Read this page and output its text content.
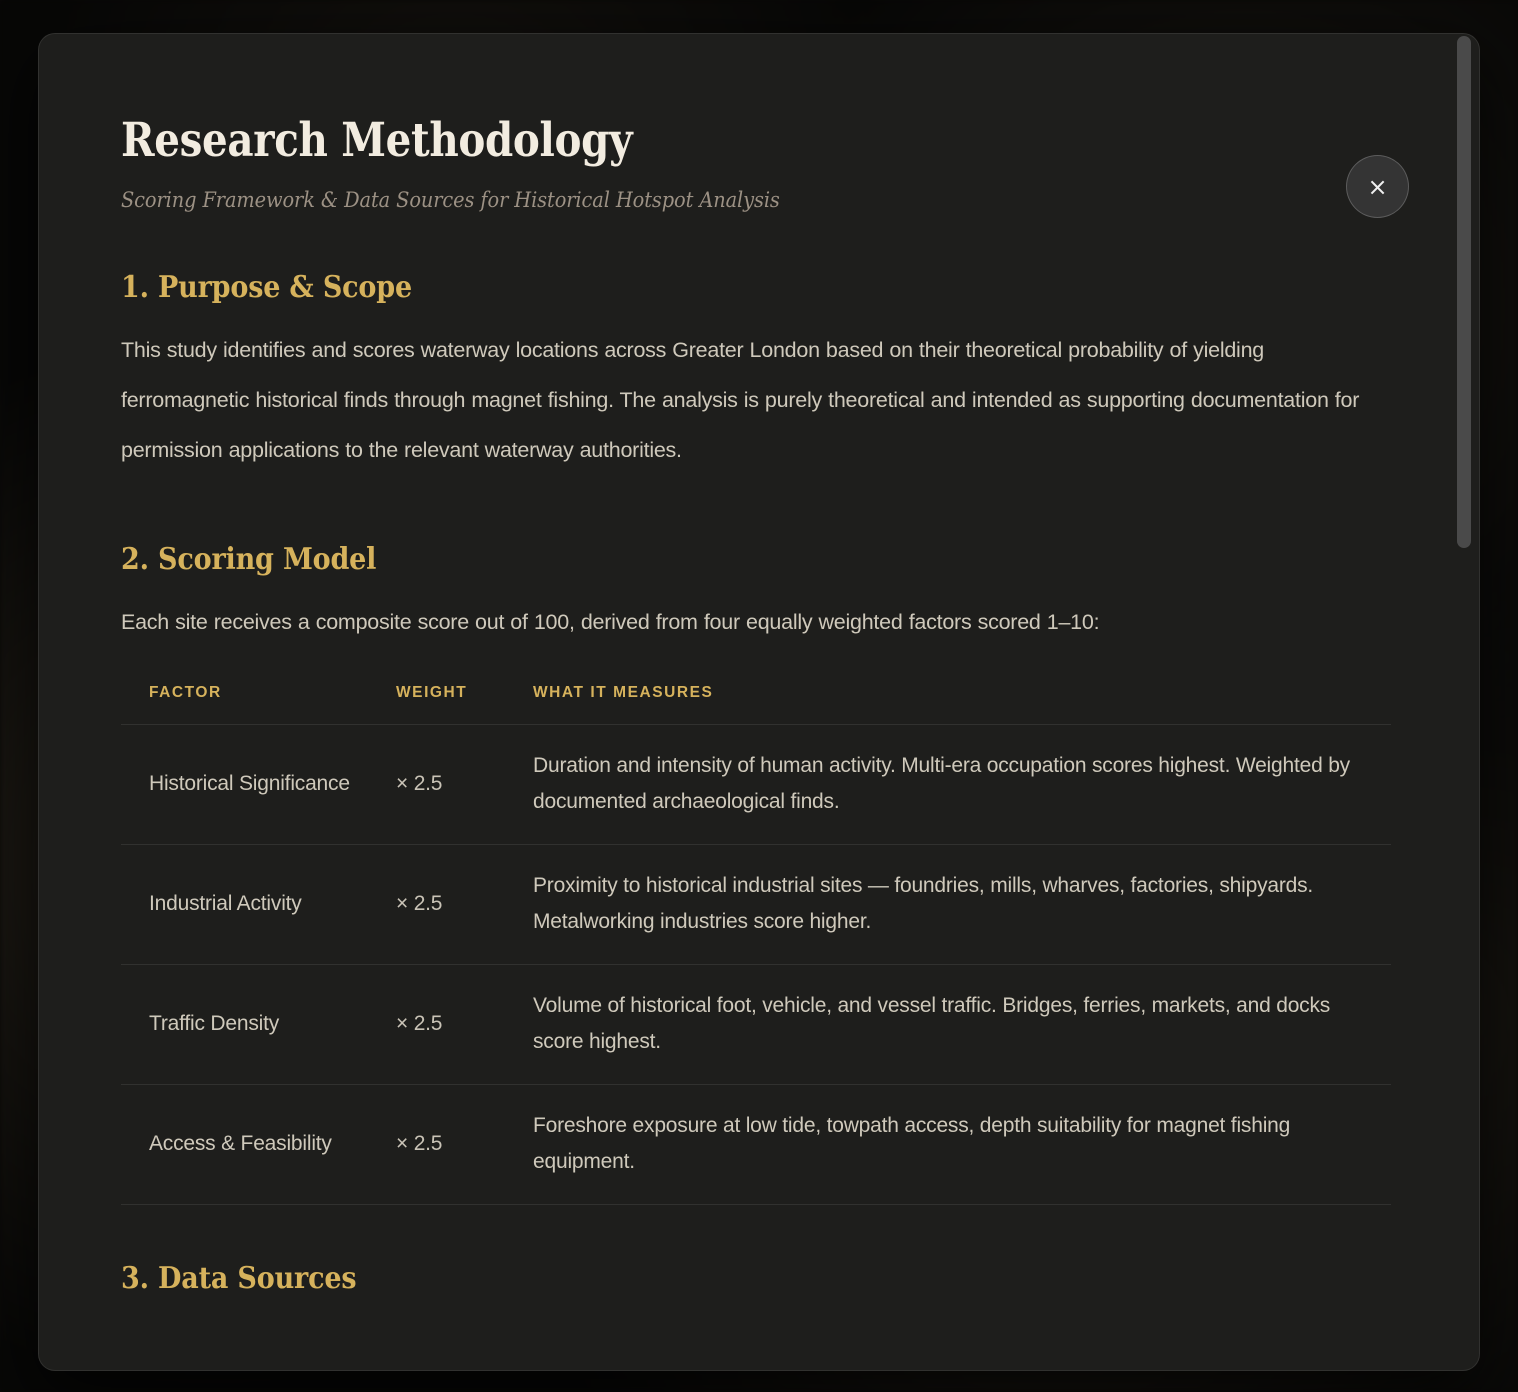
Research Methodology

Scoring Framework & Data Sources for Historical Hotspot Analysis

1. Purpose & Scope

This study identifies and scores waterway locations across Greater London based on their theoretical probability of yielding ferromagnetic historical finds through magnet fishing. The analysis is purely theoretical and intended as supporting documentation for permission applications to the relevant waterway authorities.

2. Scoring Model

Each site receives a composite score out of 100, derived from four equally weighted factors scored 1–10:

FACTOR	WEIGHT	WHAT IT MEASURES
Historical Significance	× 2.5	Duration and intensity of human activity. Multi-era occupation scores highest. Weighted by documented archaeological finds.
Industrial Activity	× 2.5	Proximity to historical industrial sites — foundries, mills, wharves, factories, shipyards. Metalworking industries score higher.
Traffic Density	× 2.5	Volume of historical foot, vehicle, and vessel traffic. Bridges, ferries, markets, and docks score highest.
Access & Feasibility	× 2.5	Foreshore exposure at low tide, towpath access, depth suitability for magnet fishing equipment.
3. Data Sources
×
